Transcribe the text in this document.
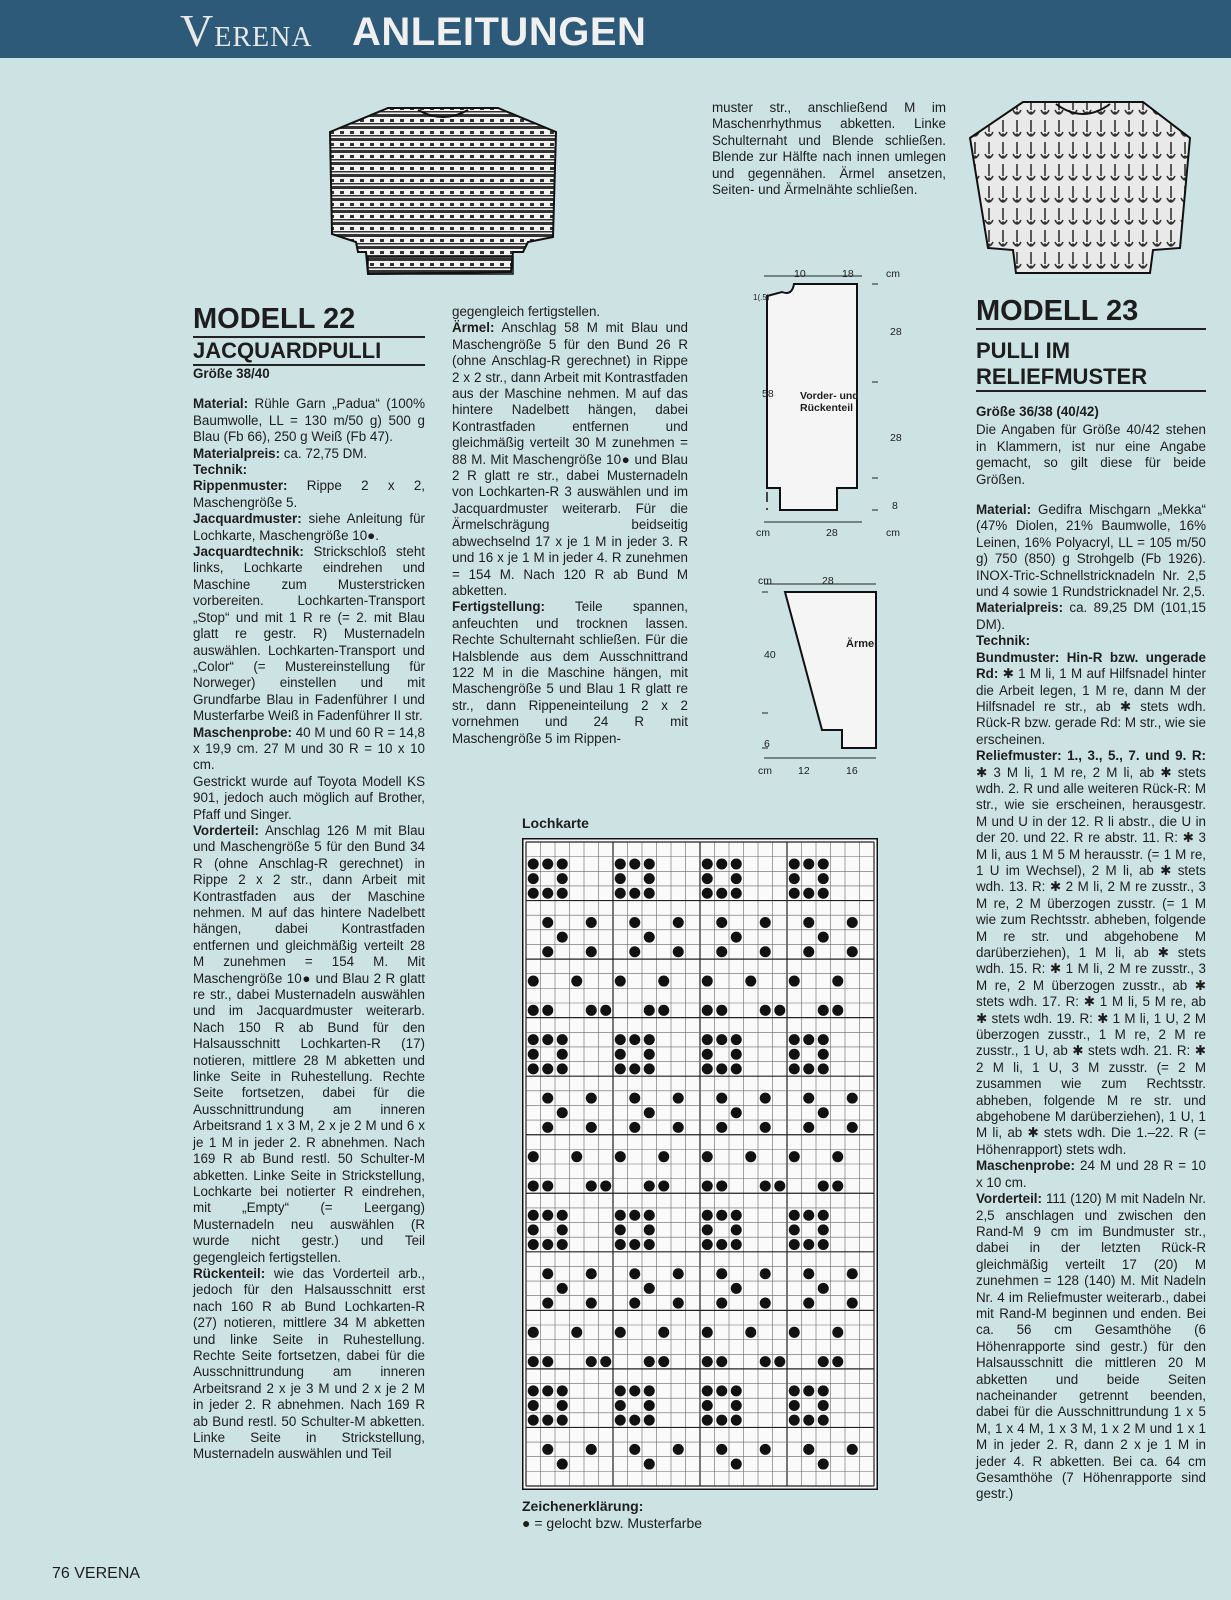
VERENA ANLEITUNGEN

MODELL 22

JACQUARDPULLI

Größe 38/40

Material: Rühle Garn „Padua“ (100% Baumwolle, LL = 130 m/50 g) 500 g Blau (Fb 66), 250 g Weiß (Fb 47).

Materialpreis: ca. 72,75 DM.

Technik:

Rippenmuster: Rippe 2 x 2, Maschengröße 5.

Jacquardmuster: siehe Anleitung für Lochkarte, Maschengröße 10●.

Jacquardtechnik: Strickschloß steht links, Lochkarte eindrehen und Maschine zum Musterstricken vorbereiten. Lochkarten-Transport „Stop“ und mit 1 R re (= 2. mit Blau glatt re gestr. R) Musternadeln auswählen. Lochkarten-Transport und „Color“ (= Mustereinstellung für Norweger) einstellen und mit Grundfarbe Blau in Fadenführer I und Musterfarbe Weiß in Fadenführer II str.

Maschenprobe: 40 M und 60 R = 14,8 x 19,9 cm. 27 M und 30 R = 10 x 10 cm.

Gestrickt wurde auf Toyota Modell KS 901, jedoch auch möglich auf Brother, Pfaff und Singer.

Vorderteil: Anschlag 126 M mit Blau und Maschengröße 5 für den Bund 34 R (ohne Anschlag-R gerechnet) in Rippe 2 x 2 str., dann Arbeit mit Kontrastfaden aus der Maschine nehmen. M auf das hintere Nadelbett hängen, dabei Kontrastfaden entfernen und gleichmäßig verteilt 28 M zunehmen = 154 M. Mit Maschengröße 10● und Blau 2 R glatt re str., dabei Musternadeln auswählen und im Jacquardmuster weiterarb. Nach 150 R ab Bund für den Halsausschnitt Lochkarten-R (17) notieren, mittlere 28 M abketten und linke Seite in Ruhestellung. Rechte Seite fortsetzen, dabei für die Ausschnittrundung am inneren Arbeitsrand 1 x 3 M, 2 x je 2 M und 6 x je 1 M in jeder 2. R abnehmen. Nach 169 R ab Bund restl. 50 Schulter-M abketten. Linke Seite in Strickstellung, Lochkarte bei notierter R eindrehen, mit „Empty“ (= Leergang) Musternadeln neu auswählen (R wurde nicht gestr.) und Teil gegengleich fertigstellen.

Rückenteil: wie das Vorderteil arb., jedoch für den Halsausschnitt erst nach 160 R ab Bund Lochkarten-R (27) notieren, mittlere 34 M abketten und linke Seite in Ruhestellung. Rechte Seite fortsetzen, dabei für die Ausschnittrundung am inneren Arbeitsrand 2 x je 3 M und 2 x je 2 M in jeder 2. R abnehmen. Nach 169 R ab Bund restl. 50 Schulter-M abketten. Linke Seite in Strickstellung, Musternadeln auswählen und Teil

gegengleich fertigstellen.

Ärmel: Anschlag 58 M mit Blau und Maschengröße 5 für den Bund 26 R (ohne Anschlag-R gerechnet) in Rippe 2 x 2 str., dann Arbeit mit Kontrastfaden aus der Maschine nehmen. M auf das hintere Nadelbett hängen, dabei Kontrastfaden entfernen und gleichmäßig verteilt 30 M zunehmen = 88 M. Mit Maschengröße 10● und Blau 2 R glatt re str., dabei Musternadeln von Lochkarten-R 3 auswählen und im Jacquardmuster weiterarb. Für die Ärmelschrägung beidseitig abwechselnd 17 x je 1 M in jeder 3. R und 16 x je 1 M in jeder 4. R zunehmen = 154 M. Nach 120 R ab Bund M abketten.

Fertigstellung: Teile spannen, anfeuchten und trocknen lassen. Rechte Schulternaht schließen. Für die Halsblende aus dem Ausschnittrand 122 M in die Maschine hängen, mit Maschengröße 5 und Blau 1 R glatt re str., dann Rippeneinteilung 2 x 2 vornehmen und 24 R mit Maschengröße 5 im Rippen-

muster str., anschließend M im Maschenrhythmus abketten. Linke Schulternaht und Blende schließen. Blende zur Hälfte nach innen umlegen und gegennähen. Ärmel ansetzen, Seiten- und Ärmelnähte schließen.

10	18	cm
1(.5)
58
28
28
8
Vorder- und Rückenteil
cm	28	cm
cm	28
40
6
Ärmel
cm 12	16
Lochkarte
Zeichenerklärung:
● = gelocht bzw. Musterfarbe

MODELL 23

PULLI IM

RELIEFMUSTER

Größe 36/38 (40/42)

Die Angaben für Größe 40/42 stehen in Klammern, ist nur eine Angabe gemacht, so gilt diese für beide Größen.

Material: Gedifra Mischgarn „Mekka“ (47% Diolen, 21% Baumwolle, 16% Leinen, 16% Polyacryl, LL = 105 m/50 g) 750 (850) g Strohgelb (Fb 1926). INOX-Tric-Schnellstricknadeln Nr. 2,5 und 4 sowie 1 Rundstricknadel Nr. 2,5.

Materialpreis: ca. 89,25 DM (101,15 DM).

Technik:

Bundmuster: Hin-R bzw. ungerade Rd: ✱ 1 M li, 1 M auf Hilfsnadel hinter die Arbeit legen, 1 M re, dann M der Hilfsnadel re str., ab ✱ stets wdh. Rück-R bzw. gerade Rd: M str., wie sie erscheinen.

Reliefmuster: 1., 3., 5., 7. und 9. R: ✱ 3 M li, 1 M re, 2 M li, ab ✱ stets wdh. 2. R und alle weiteren Rück-R: M str., wie sie erscheinen, herausgestr. M und U in der 12. R li abstr., die U in der 20. und 22. R re abstr. 11. R: ✱ 3 M li, aus 1 M 5 M herausstr. (= 1 M re, 1 U im Wechsel), 2 M li, ab ✱ stets wdh. 13. R: ✱ 2 M li, 2 M re zusstr., 3 M re, 2 M überzogen zusstr. (= 1 M wie zum Rechtsstr. abheben, folgende M re str. und abgehobene M darüberziehen), 1 M li, ab ✱ stets wdh. 15. R: ✱ 1 M li, 2 M re zusstr., 3 M re, 2 M überzogen zusstr., ab ✱ stets wdh. 17. R: ✱ 1 M li, 5 M re, ab ✱ stets wdh. 19. R: ✱ 1 M li, 1 U, 2 M überzogen zusstr., 1 M re, 2 M re zusstr., 1 U, ab ✱ stets wdh. 21. R: ✱ 2 M li, 1 U, 3 M zusstr. (= 2 M zusammen wie zum Rechtsstr. abheben, folgende M re str. und abgehobene M darüberziehen), 1 U, 1 M li, ab ✱ stets wdh. Die 1.–22. R (= Höhenrapport) stets wdh.

Maschenprobe: 24 M und 28 R = 10 x 10 cm.

Vorderteil: 111 (120) M mit Nadeln Nr. 2,5 anschlagen und zwischen den Rand-M 9 cm im Bundmuster str., dabei in der letzten Rück-R gleichmäßig verteilt 17 (20) M zunehmen = 128 (140) M. Mit Nadeln Nr. 4 im Reliefmuster weiterarb., dabei mit Rand-M beginnen und enden. Bei ca. 56 cm Gesamthöhe (6 Höhenrapporte sind gestr.) für den Halsausschnitt die mittleren 20 M abketten und beide Seiten nacheinander getrennt beenden, dabei für die Ausschnittrundung 1 x 5 M, 1 x 4 M, 1 x 3 M, 1 x 2 M und 1 x 1 M in jeder 2. R, dann 2 x je 1 M in jeder 4. R abketten. Bei ca. 64 cm Gesamthöhe (7 Höhenrapporte sind gestr.)

76 VERENA
